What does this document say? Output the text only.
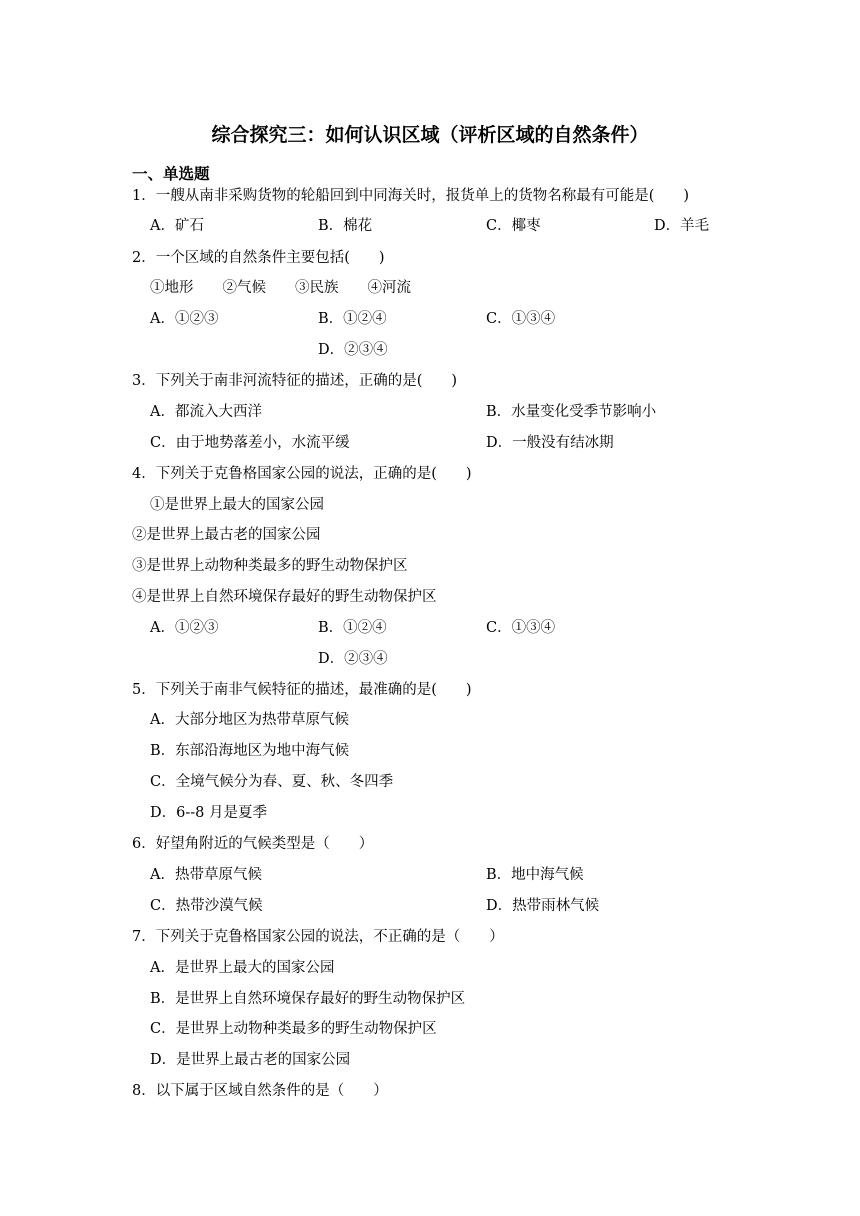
综合探究三：如何认识区域（评析区域的自然条件）
一、单选题
1．一艘从南非采购货物的轮船回到中同海关时，报货单上的货物名称最有可能是(　　)
A．矿石	B．棉花	C．椰枣	D．羊毛
2．一个区域的自然条件主要包括(　　)
①地形　　②气候　　③民族　　④河流
A．①②③	B．①②④	C．①③④
D．②③④
3．下列关于南非河流特征的描述，正确的是(　　)
A．都流入大西洋	B．水量变化受季节影响小
C．由于地势落差小，水流平缓	D．一般没有结冰期
4．下列关于克鲁格国家公园的说法，正确的是(　　)
①是世界上最大的国家公园
②是世界上最古老的国家公园
③是世界上动物种类最多的野生动物保护区
④是世界上自然环境保存最好的野生动物保护区
A．①②③	B．①②④	C．①③④
D．②③④
5．下列关于南非气候特征的描述，最准确的是(　　)
A．大部分地区为热带草原气候
B．东部沿海地区为地中海气候
C．全境气候分为春、夏、秋、冬四季
D．6--8 月是夏季
6．好望角附近的气候类型是（　　）
A．热带草原气候	B．地中海气候
C．热带沙漠气候	D．热带雨林气候
7．下列关于克鲁格国家公园的说法，不正确的是（　　）
A．是世界上最大的国家公园
B．是世界上自然环境保存最好的野生动物保护区
C．是世界上动物种类最多的野生动物保护区
D．是世界上最古老的国家公园
8．以下属于区域自然条件的是（　　）
